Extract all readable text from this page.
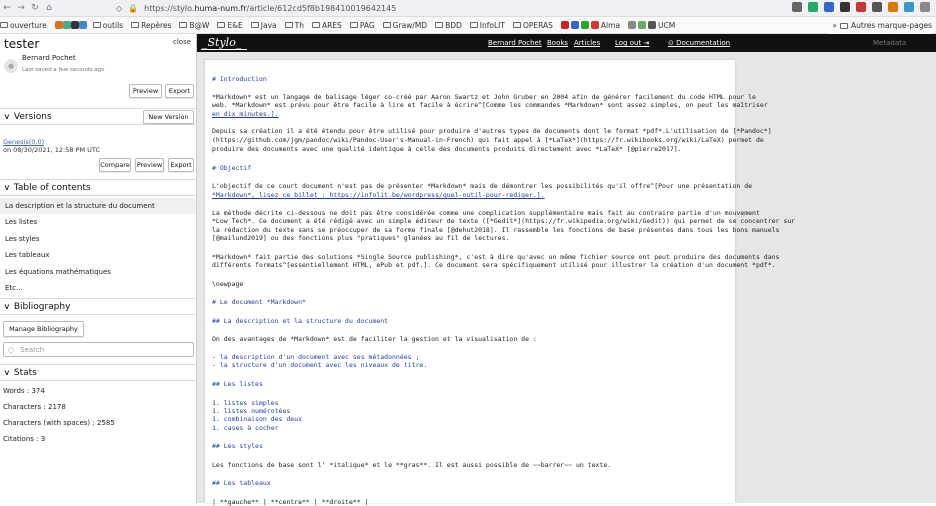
← → ↻ ⌂	◇ 🔒 https://stylo.huma-num.fr/article/612cd5f8b198410019642145
ouverture	outils Repères B@W E&E Java Th ARES PAG Graw/MD BDD InfoLIT OPERAS	Alma	UCM	» Autres marque-pages
tester	close
●
Bernard Pochet
Last saved a few seconds ago
Preview	Export
∨ Versions	New Version
Genesis(0.0)
on 08/30/2021, 12:58 PM UTC
Compare Preview	Export
∨ Table of contents
La description et la structure du document
Les listes
Les styles
Les tableaux
Les équations mathématiques
Etc...
∨ Bibliography
Manage Bibliography
○ Search
∨ Stats
Words : 374
Characters : 2178
Characters (with spaces) : 2585
Citations : 3
_Stylo_	Bernard Pochet Books Articles Log out ⇥	⊙ Documentation	Metadata
# Introduction
*Markdown* est un langage de balisage léger co-créé par Aaron Swartz et John Gruber en 2004 afin de générer facilement du code HTML pour le
web. *Markdown* est prévu pour être facile à lire et facile à écrire^[Comme les commandes *Markdown* sont assez simples, on peut les maîtriser
en dix minutes.].
Depuis sa création il a été étendu pour être utilisé pour produire d'autres types de documents dont le format *pdf*.L'utilisation de [*Pandoc*]
(https://github.com/jgm/pandoc/wiki/Pandoc-User's-Manual-in-French) qui fait appel à [*LaTeX*](https://fr.wikibooks.org/wiki/LaTeX) permet de
produire des documents avec une qualité identique à celle des documents produits directement avec *LaTeX* [@pierre2017].
# Objectif
L'objectif de ce court document n'est pas de présenter *Markdown* mais de démontrer les possibilités qu'il offre^[Pour une présentation de
*Markdown*, lisez ce billet : https://infolit.be/wordpress/quel-outil-pour-rediger.].
La méthode décrite ci-dessous ne doit pas être considérée comme une complication supplémentaire mais fait au contraire partie d'un mouvement
*Low Tech*. Ce document a été rédigé avec un simple éditeur de texte ([*Gedit*](https://fr.wikipedia.org/wiki/Gedit)) qui permet de se concentrer sur
la rédaction du texte sans se préoccuper de sa forme finale [@dehut2018]. Il rassemble les fonctions de base présentes dans tous les bons manuels
[@mailund2019] ou des fonctions plus "pratiques" glanées au fil de lectures.
*Markdown* fait partie des solutions *Single Source publishing*, c'est à dire qu'avec un même fichier source ont peut produire des documents dans
différents formats^[essentiellement HTML, ePub et pdf.]. Ce document sera spécifiquement utilisé pour illustrer la création d'un document *pdf*.
\newpage
# Le document *Markdown*
## La description et la structure du document
On des avantages de *Markdown* est de faciliter la gestion et la visualisation de :
- la description d'un document avec ses métadonnées ;
- la structure d'un document avec les niveaux de titre.
## Les listes
1. listes simples
1. listes numérotées
1. combinaison des deux
1. cases à cocher
## Les styles
Les fonctions de base sont l' *italique* et le **gras**. Il est aussi possible de ~~barrer~~ un texte.
## Les tableaux
| **gauche** | **centre** | **droite** |
